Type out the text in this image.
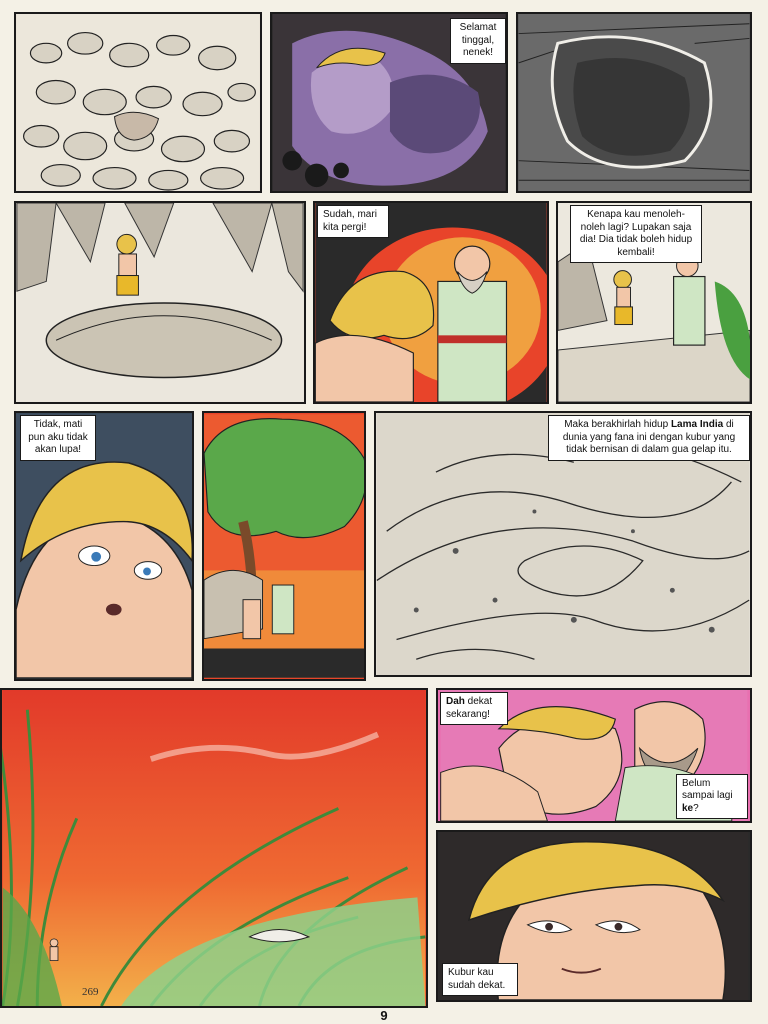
Selamat tinggal, nenek!
Sudah, mari kita pergi!
Kenapa kau menoleh-noleh lagi? Lupakan saja dia! Dia tidak boleh hidup kembali!
Tidak, mati pun aku tidak akan lupa!
Maka berakhirlah hidup Lama India di dunia yang fana ini dengan kubur yang tidak bernisan di dalam gua gelap itu.
269
Dah dekat sekarang!
Belum sampai lagi ke?
Kubur kau sudah dekat.
9
